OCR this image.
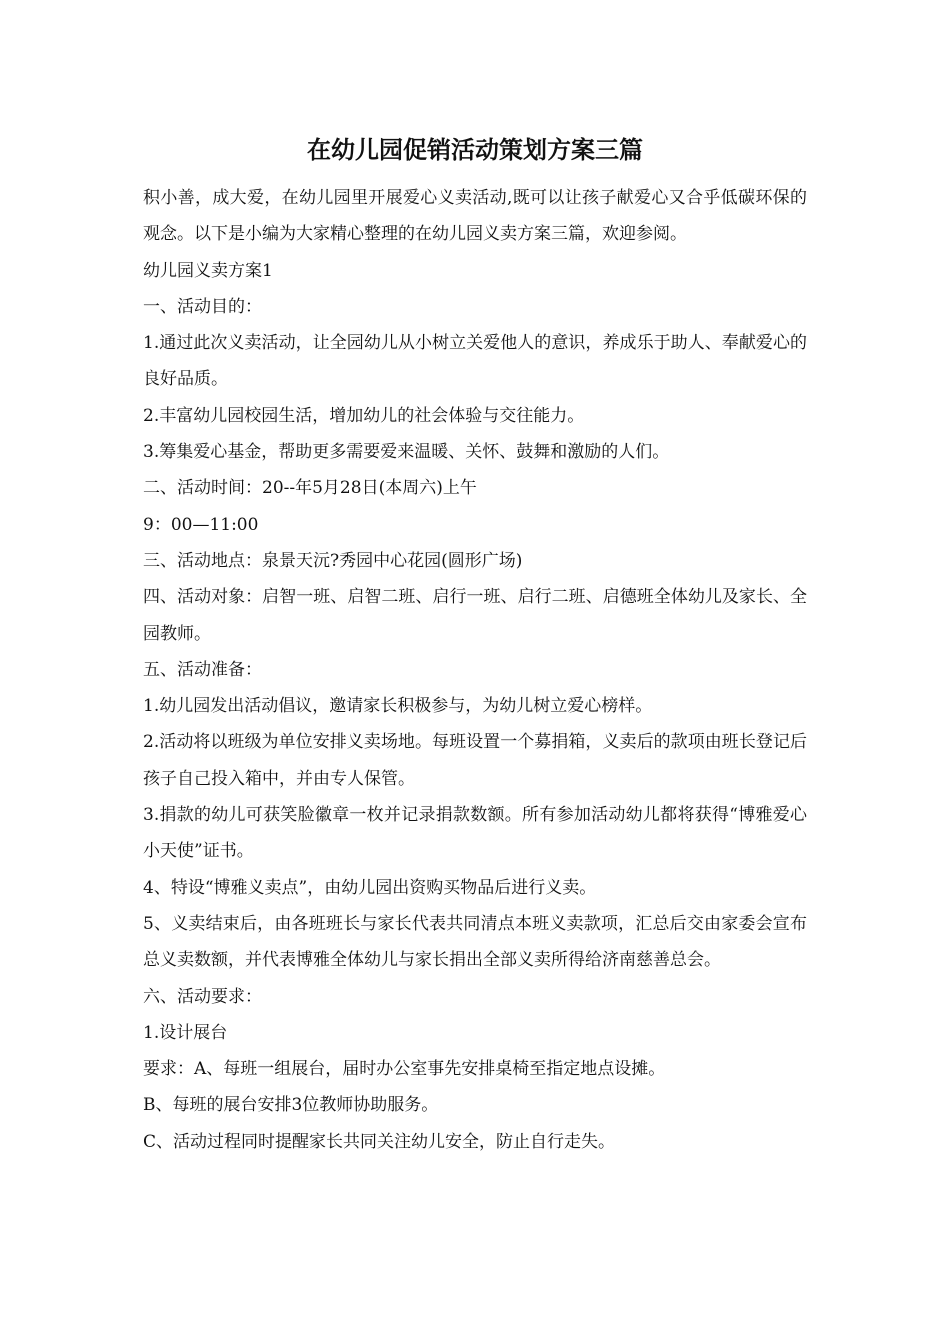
在幼儿园促销活动策划方案三篇

积小善，成大爱，在幼儿园里开展爱心义卖活动,既可以让孩子献爱心又合乎低碳环保的观念。以下是小编为大家精心整理的在幼儿园义卖方案三篇，欢迎参阅。

幼儿园义卖方案1

一、活动目的：

1.通过此次义卖活动，让全园幼儿从小树立关爱他人的意识，养成乐于助人、奉献爱心的良好品质。

2.丰富幼儿园校园生活，增加幼儿的社会体验与交往能力。

3.筹集爱心基金，帮助更多需要爱来温暖、关怀、鼓舞和激励的人们。

二、活动时间：20--年5月28日(本周六)上午

9：00—11:00

三、活动地点：泉景天沅?秀园中心花园(圆形广场)

四、活动对象：启智一班、启智二班、启行一班、启行二班、启德班全体幼儿及家长、全园教师。

五、活动准备：

1.幼儿园发出活动倡议，邀请家长积极参与，为幼儿树立爱心榜样。

2.活动将以班级为单位安排义卖场地。每班设置一个募捐箱，义卖后的款项由班长登记后孩子自己投入箱中，并由专人保管。

3.捐款的幼儿可获笑脸徽章一枚并记录捐款数额。所有参加活动幼儿都将获得“博雅爱心小天使”证书。

4、特设“博雅义卖点”，由幼儿园出资购买物品后进行义卖。

5、义卖结束后，由各班班长与家长代表共同清点本班义卖款项，汇总后交由家委会宣布总义卖数额，并代表博雅全体幼儿与家长捐出全部义卖所得给济南慈善总会。

六、活动要求：

1.设计展台

要求：A、每班一组展台，届时办公室事先安排桌椅至指定地点设摊。

B、每班的展台安排3位教师协助服务。

C、活动过程同时提醒家长共同关注幼儿安全，防止自行走失。
